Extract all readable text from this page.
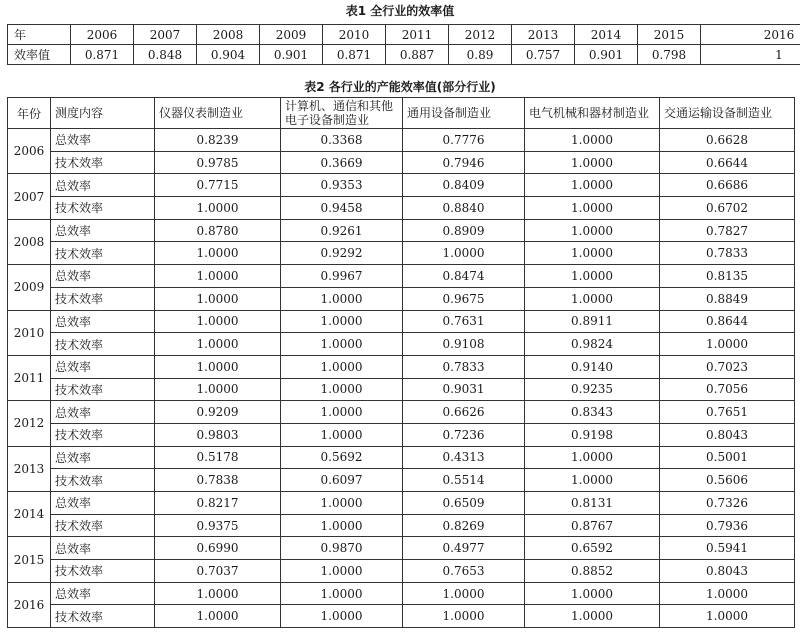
表1 全行业的效率值
年	2006	2007	2008	2009	2010	2011	2012	2013	2014	2015	2016
效率值	0.871	0.848	0.904	0.901	0.871	0.887	0.89	0.757	0.901	0.798	1
表2 各行业的产能效率值(部分行业)
年份	测度内容	仪器仪表制造业	计算机、通信和其他电子设备制造业	通用设备制造业	电气机械和器材制造业	交通运输设备制造业
2006	总效率	0.8239	0.3368	0.7776	1.0000	0.6628
	技术效率	0.9785	0.3669	0.7946	1.0000	0.6644
2007	总效率	0.7715	0.9353	0.8409	1.0000	0.6686
	技术效率	1.0000	0.9458	0.8840	1.0000	0.6702
2008	总效率	0.8780	0.9261	0.8909	1.0000	0.7827
	技术效率	1.0000	0.9292	1.0000	1.0000	0.7833
2009	总效率	1.0000	0.9967	0.8474	1.0000	0.8135
	技术效率	1.0000	1.0000	0.9675	1.0000	0.8849
2010	总效率	1.0000	1.0000	0.7631	0.8911	0.8644
	技术效率	1.0000	1.0000	0.9108	0.9824	1.0000
2011	总效率	1.0000	1.0000	0.7833	0.9140	0.7023
	技术效率	1.0000	1.0000	0.9031	0.9235	0.7056
2012	总效率	0.9209	1.0000	0.6626	0.8343	0.7651
	技术效率	0.9803	1.0000	0.7236	0.9198	0.8043
2013	总效率	0.5178	0.5692	0.4313	1.0000	0.5001
	技术效率	0.7838	0.6097	0.5514	1.0000	0.5606
2014	总效率	0.8217	1.0000	0.6509	0.8131	0.7326
	技术效率	0.9375	1.0000	0.8269	0.8767	0.7936
2015	总效率	0.6990	0.9870	0.4977	0.6592	0.5941
	技术效率	0.7037	1.0000	0.7653	0.8852	0.8043
2016	总效率	1.0000	1.0000	1.0000	1.0000	1.0000
	技术效率	1.0000	1.0000	1.0000	1.0000	1.0000
